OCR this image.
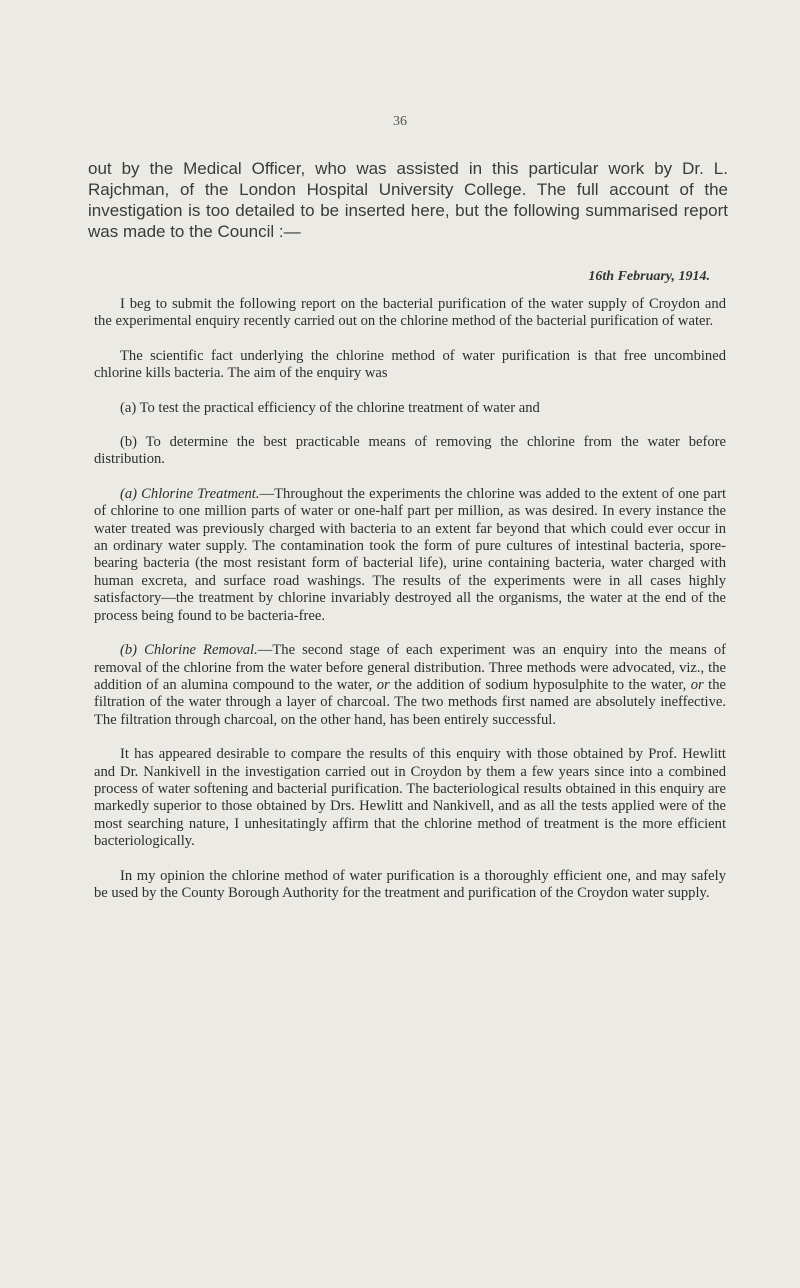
36
out by the Medical Officer, who was assisted in this particular work by Dr. L. Rajchman, of the London Hospital University College. The full account of the investigation is too detailed to be inserted here, but the following summarised report was made to the Council :—
16th February, 1914.

I beg to submit the following report on the bacterial purification of the water supply of Croydon and the experimental enquiry recently carried out on the chlorine method of the bacterial purification of water.

The scientific fact underlying the chlorine method of water purification is that free uncombined chlorine kills bacteria. The aim of the enquiry was

(a) To test the practical efficiency of the chlorine treatment of water and

(b) To determine the best practicable means of removing the chlorine from the water before distribution.

(a) Chlorine Treatment.—Throughout the experiments the chlorine was added to the extent of one part of chlorine to one million parts of water or one-half part per million, as was desired. In every instance the water treated was previously charged with bacteria to an extent far beyond that which could ever occur in an ordinary water supply. The contamination took the form of pure cultures of intestinal bacteria, spore-bearing bacteria (the most resistant form of bacterial life), urine containing bacteria, water charged with human excreta, and surface road washings. The results of the experiments were in all cases highly satisfactory—the treatment by chlorine invariably destroyed all the organisms, the water at the end of the process being found to be bacteria-free.

(b) Chlorine Removal.—The second stage of each experiment was an enquiry into the means of removal of the chlorine from the water before general distribution. Three methods were advocated, viz., the addition of an alumina compound to the water, or the addition of sodium hyposulphite to the water, or the filtration of the water through a layer of charcoal. The two methods first named are absolutely ineffective. The filtration through charcoal, on the other hand, has been entirely successful.

It has appeared desirable to compare the results of this enquiry with those obtained by Prof. Hewlitt and Dr. Nankivell in the investigation carried out in Croydon by them a few years since into a combined process of water softening and bacterial purification. The bacteriological results obtained in this enquiry are markedly superior to those obtained by Drs. Hewlitt and Nankivell, and as all the tests applied were of the most searching nature, I unhesitatingly affirm that the chlorine method of treatment is the more efficient bacteriologically.

In my opinion the chlorine method of water purification is a thoroughly efficient one, and may safely be used by the County Borough Authority for the treatment and purification of the Croydon water supply.
